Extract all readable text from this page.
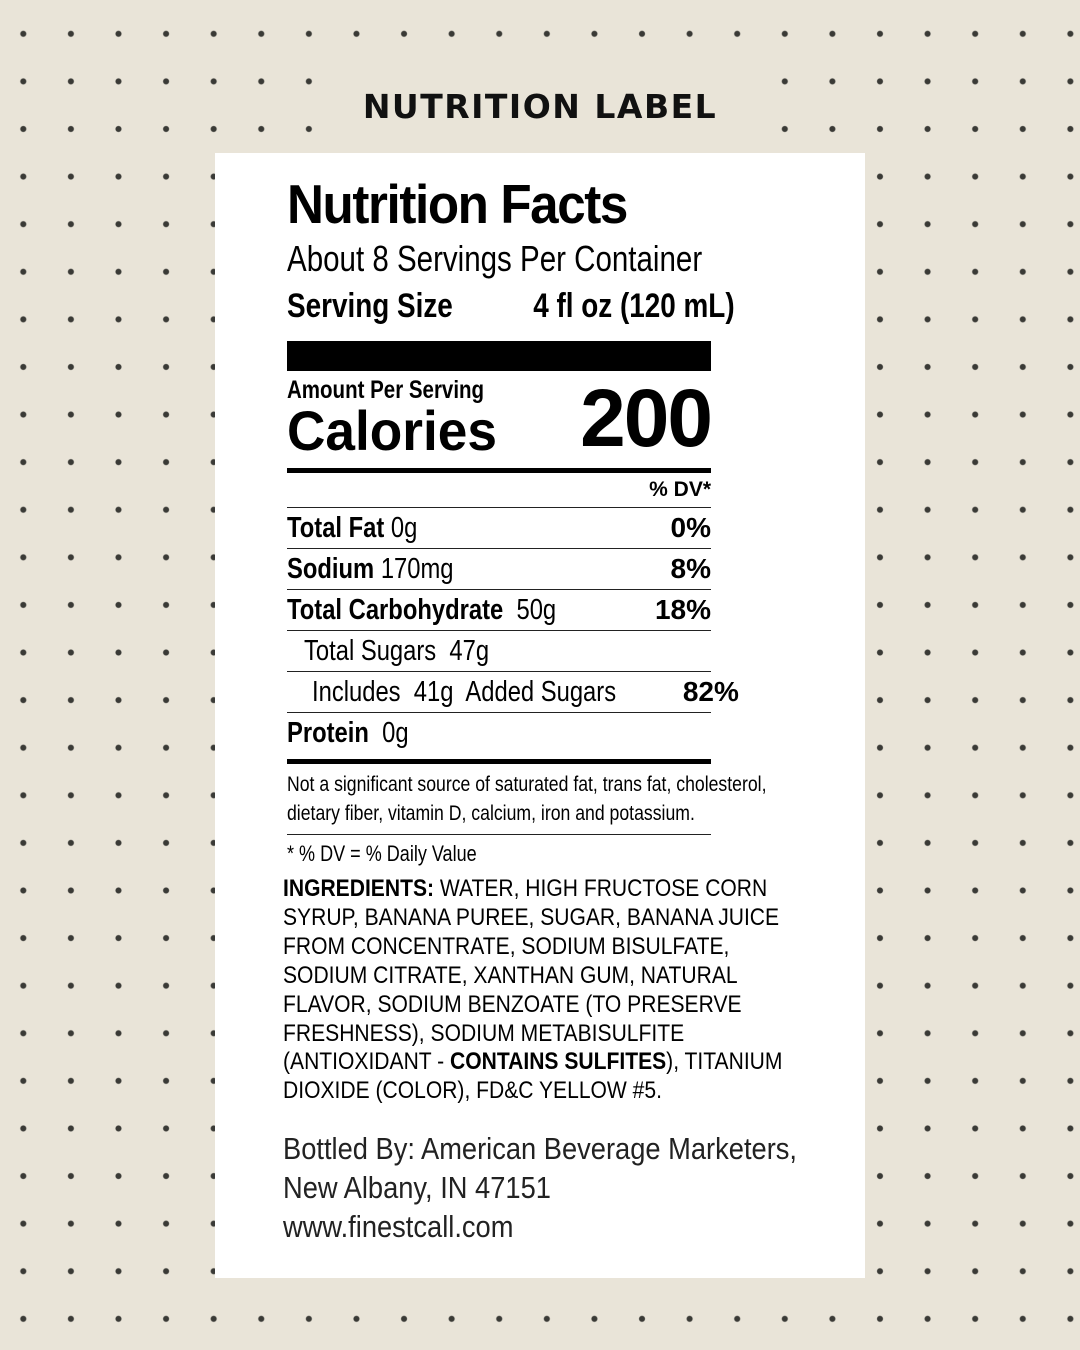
NUTRITION LABEL
Nutrition Facts
About 8 Servings Per Container
Serving Size 4 fl oz (120 mL)
Amount Per Serving
Calories 200
% DV*
Total Fat 0g	0%
Sodium 170mg	8%
Total Carbohydrate 50g	18%
Total Sugars 47g
Includes 41g Added Sugars 82%
Protein 0g
Not a significant source of saturated fat, trans fat, cholesterol,
dietary fiber, vitamin D, calcium, iron and potassium.
* % DV = % Daily Value
INGREDIENTS: WATER, HIGH FRUCTOSE CORN
SYRUP, BANANA PUREE, SUGAR, BANANA JUICE
FROM CONCENTRATE, SODIUM BISULFATE,
SODIUM CITRATE, XANTHAN GUM, NATURAL
FLAVOR, SODIUM BENZOATE (TO PRESERVE
FRESHNESS), SODIUM METABISULFITE
(ANTIOXIDANT - CONTAINS SULFITES), TITANIUM
DIOXIDE (COLOR), FD&C YELLOW #5.
Bottled By: American Beverage Marketers,
New Albany, IN 47151
www.finestcall.com
